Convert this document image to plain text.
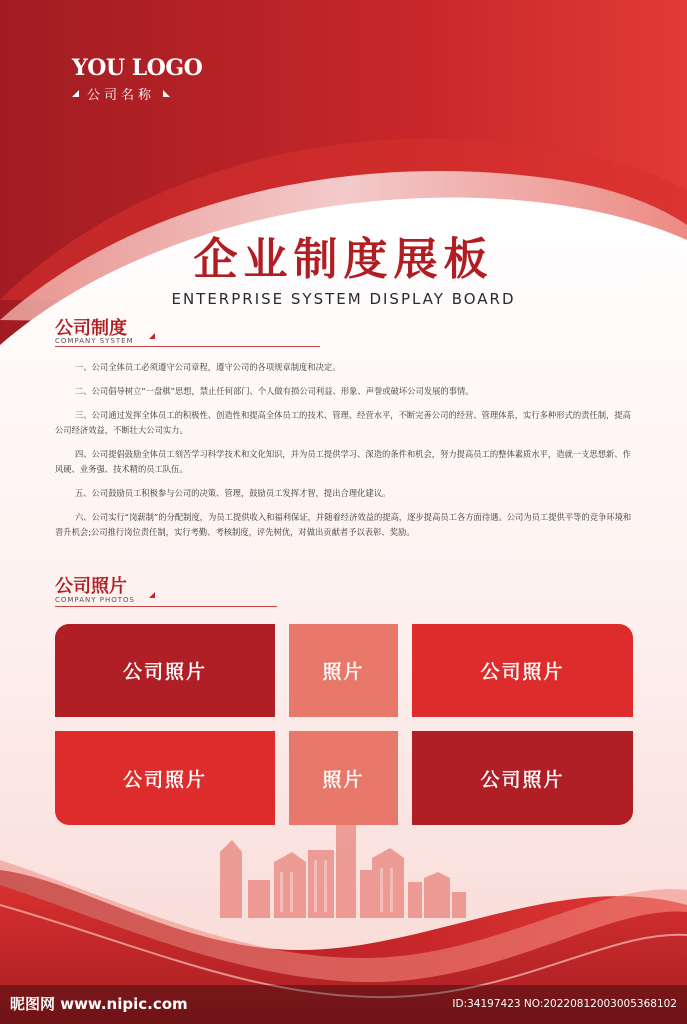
YOU LOGO
公司名称
企业制度展板
ENTERPRISE SYSTEM DISPLAY BOARD
公司制度
COMPANY SYSTEM

一、公司全体员工必须遵守公司章程，遵守公司的各项规章制度和决定。

二、公司倡导树立“一盘棋”思想，禁止任何部门、个人做有损公司利益、形象、声誉或破坏公司发展的事情。

三、公司通过发挥全体员工的积极性、创造性和提高全体员工的技术、管理、经营水平，不断完善公司的经营、管理体系，实行多种形式的责任制，提高公司经济效益，不断壮大公司实力。

四、公司提倡鼓励全体员工刻苦学习科学技术和文化知识，并为员工提供学习、深造的条件和机会，努力提高员工的整体素质水平，造就一支思想新、作风硬、业务强、技术精的员工队伍。

五、公司鼓励员工积极参与公司的决策、管理，鼓励员工发挥才智，提出合理化建议。

六、公司实行“岗薪制”的分配制度，为员工提供收入和福利保证，并随着经济效益的提高，逐步提高员工各方面待遇。公司为员工提供平等的竞争环境和晋升机会;公司推行岗位责任制，实行考勤、考核制度，评先树优，对做出贡献者予以表彰、奖励。

公司照片
COMPANY PHOTOS
公司照片	照片	公司照片
公司照片	照片	公司照片
昵图网 www.nipic.com	ID:34197423 NO:20220812003005368102
